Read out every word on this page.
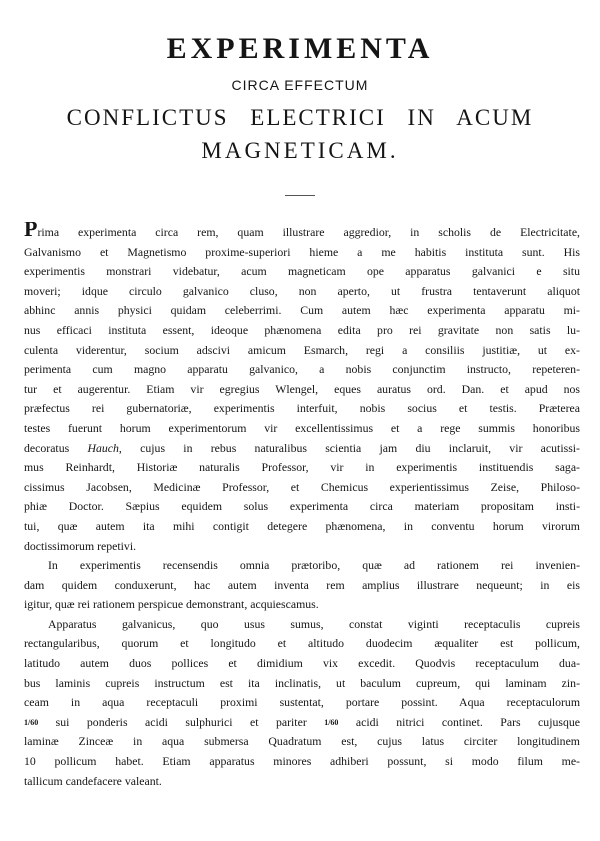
EXPERIMENTA
CIRCA EFFECTUM
CONFLICTUS ELECTRICI IN ACUM
MAGNETICAM.
Prima experimenta circa rem, quam illustrare aggredior, in scholis de Electricitate,
Galvanismo et Magnetismo proxime-superiori hieme a me habitis instituta sunt. His
experimentis monstrari videbatur, acum magneticam ope apparatus galvanici e situ
moveri; idque circulo galvanico cluso, non aperto, ut frustra tentaverunt aliquot
abhinc annis physici quidam celeberrimi. Cum autem hæc experimenta apparatu mi-
nus efficaci instituta essent, ideoque phænomena edita pro rei gravitate non satis lu-
culenta viderentur, socium adscivi amicum Esmarch, regi a consiliis justitiæ, ut ex-
perimenta cum magno apparatu galvanico, a nobis conjunctim instructo, repeteren-
tur et augerentur. Etiam vir egregius Wlengel, eques auratus ord. Dan. et apud nos
præfectus rei gubernatoriæ, experimentis interfuit, nobis socius et testis. Præterea
testes fuerunt horum experimentorum vir excellentissimus et a rege summis honoribus
decoratus Hauch, cujus in rebus naturalibus scientia jam diu inclaruit, vir acutissi-
mus Reinhardt, Historiæ naturalis Professor, vir in experimentis instituendis saga-
cissimus Jacobsen, Medicinæ Professor, et Chemicus experientissimus Zeise, Philoso-
phiæ Doctor. Sæpius equidem solus experimenta circa materiam propositam insti-
tui, quæ autem ita mihi contigit detegere phænomena, in conventu horum virorum
doctissimorum repetivi.
In experimentis recensendis omnia prætoribo, quæ ad rationem rei invenien-
dam quidem conduxerunt, hac autem inventa rem amplius illustrare nequeunt; in eis
igitur, quæ rei rationem perspicue demonstrant, acquiescamus.
Apparatus galvanicus, quo usus sumus, constat viginti receptaculis cupreis
rectangularibus, quorum et longitudo et altitudo duodecim æqualiter est pollicum,
latitudo autem duos pollices et dimidium vix excedit. Quodvis receptaculum dua-
bus laminis cupreis instructum est ita inclinatis, ut baculum cupreum, qui laminam zin-
ceam in aqua receptaculi proximi sustentat, portare possint. Aqua receptaculorum
1/60 sui ponderis acidi sulphurici et pariter 1/60 acidi nitrici continet. Pars cujusque
laminæ Zinceæ in aqua submersa Quadratum est, cujus latus circiter longitudinem
10 pollicum habet. Etiam apparatus minores adhiberi possunt, si modo filum me-
tallicum candefacere valeant.
